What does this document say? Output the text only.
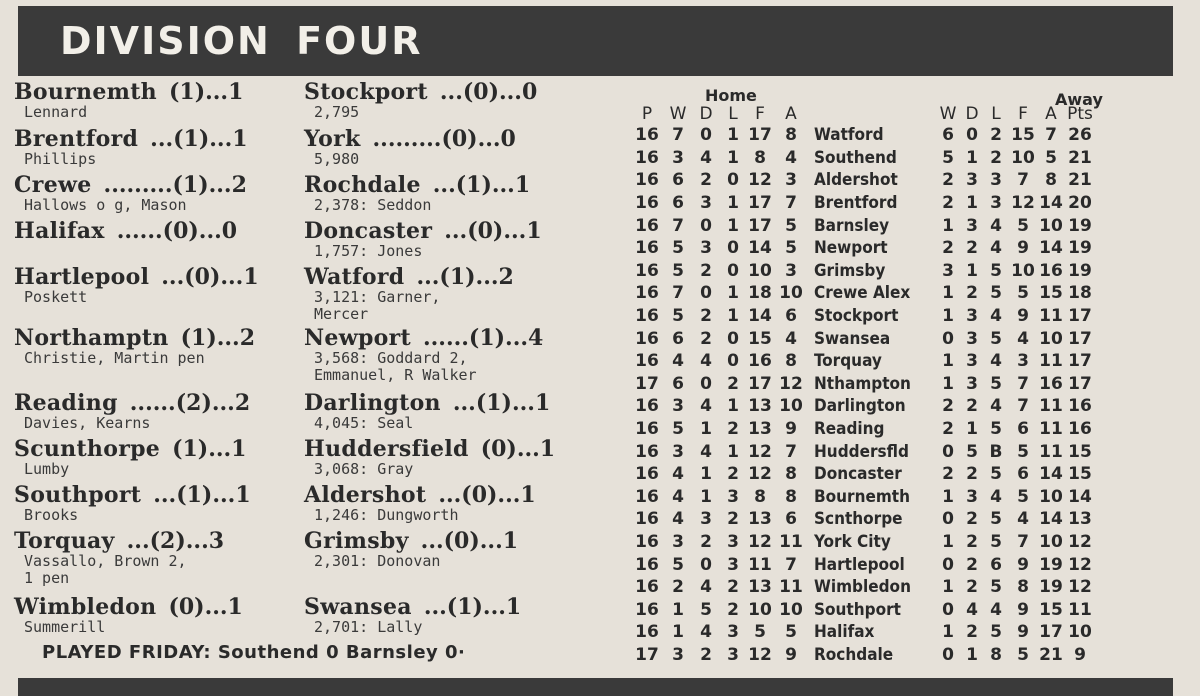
DIVISION FOUR
Bournemth (1)...1
Lennard
Stockport ...(0)...0
2,795
Brentford ...(1)...1
Phillips
York .........(0)...0
5,980
Crewe .........(1)...2
Hallows o g, Mason
Rochdale ...(1)...1
2,378: Seddon
Halifax ......(0)...0	Doncaster ...(0)...1
1,757: Jones
Hartlepool ...(0)...1
Poskett
Watford ...(1)...2
3,121: Garner,
Mercer
Northamptn (1)...2
Christie, Martin pen
Newport ......(1)...4
3,568: Goddard 2,
Emmanuel, R Walker
Reading ......(2)...2
Davies, Kearns
Darlington ...(1)...1
4,045: Seal
Scunthorpe (1)...1
Lumby
Huddersfield (0)...1
3,068: Gray
Southport ...(1)...1
Brooks
Aldershot ...(0)...1
1,246: Dungworth
Torquay ...(2)...3
Vassallo, Brown 2,
1 pen
Grimsby ...(0)...1
2,301: Donovan
Wimbledon (0)...1
Summerill
Swansea ...(1)...1
2,701: Lally
PLAYED FRIDAY: Southend 0 Barnsley 0·
Home	Away
P	W	D	L	F	A		W	D	L	F	A	Pts
16	7	0	1	17	8	Watford	6	0	2	15	7	26
16	3	4	1	8	4	Southend	5	1	2	10	5	21
16	6	2	0	12	3	Aldershot	2	3	3	7	8	21
16	6	3	1	17	7	Brentford	2	1	3	12	14	20
16	7	0	1	17	5	Barnsley	1	3	4	5	10	19
16	5	3	0	14	5	Newport	2	2	4	9	14	19
16	5	2	0	10	3	Grimsby	3	1	5	10	16	19
16	7	0	1	18	10	Crewe Alex	1	2	5	5	15	18
16	5	2	1	14	6	Stockport	1	3	4	9	11	17
16	6	2	0	15	4	Swansea	0	3	5	4	10	17
16	4	4	0	16	8	Torquay	1	3	4	3	11	17
17	6	0	2	17	12	Nthampton	1	3	5	7	16	17
16	3	4	1	13	10	Darlington	2	2	4	7	11	16
16	5	1	2	13	9	Reading	2	1	5	6	11	16
16	3	4	1	12	7	Huddersfld	0	5	B	5	11	15
16	4	1	2	12	8	Doncaster	2	2	5	6	14	15
16	4	1	3	8	8	Bournemth	1	3	4	5	10	14
16	4	3	2	13	6	Scnthorpe	0	2	5	4	14	13
16	3	2	3	12	11	York City	1	2	5	7	10	12
16	5	0	3	11	7	Hartlepool	0	2	6	9	19	12
16	2	4	2	13	11	Wimbledon	1	2	5	8	19	12
16	1	5	2	10	10	Southport	0	4	4	9	15	11
16	1	4	3	5	5	Halifax	1	2	5	9	17	10
17	3	2	3	12	9	Rochdale	0	1	8	5	21	9
